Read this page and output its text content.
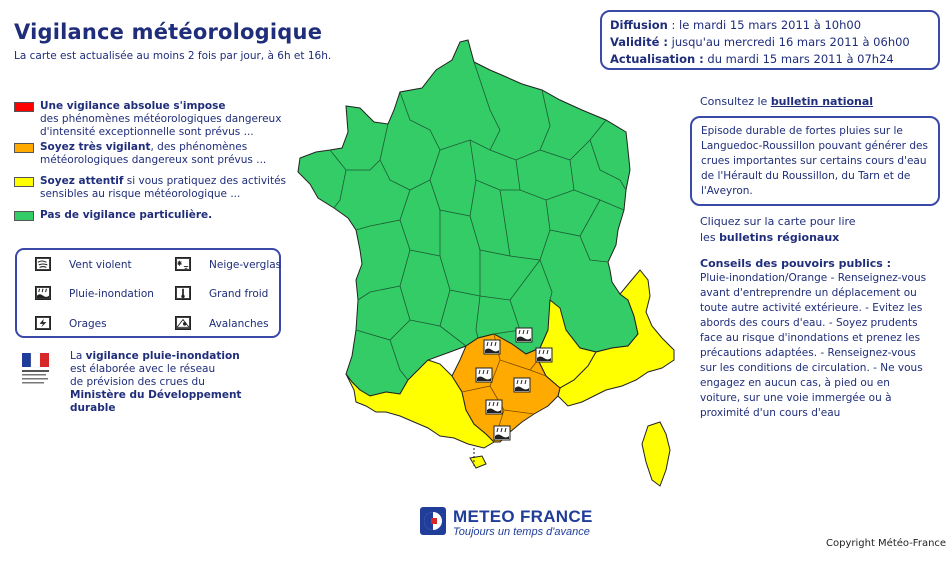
Vigilance météorologique
La carte est actualisée au moins 2 fois par jour, à 6h et 16h.
Diffusion : le mardi 15 mars 2011 à 10h00
Validité : jusqu'au mercredi 16 mars 2011 à 06h00
Actualisation : du mardi 15 mars 2011 à 07h24
Une vigilance absolue s'impose
des phénomènes météorologiques dangereux d'intensité exceptionnelle sont prévus ...
Soyez très vigilant, des phénomènes météorologiques dangereux sont prévus ...
Soyez attentif si vous pratiquez des activités sensibles au risque météorologique ...
Pas de vigilance particulière.
Vent violent	Neige-verglas
Pluie-inondation	Grand froid
Orages	Avalanches
La vigilance pluie-inondation
est élaborée avec le réseau
de prévision des crues du
Ministère du Développement durable
Consultez le bulletin national
Episode durable de fortes pluies sur le Languedoc-Roussillon pouvant générer des crues importantes sur certains cours d'eau de l'Hérault du Roussillon, du Tarn et de l'Aveyron.
Cliquez sur la carte pour lire
les bulletins régionaux
Conseils des pouvoirs publics :
Pluie-inondation/Orange - Renseignez-vous avant d'entreprendre un déplacement ou toute autre activité extérieure. - Evitez les abords des cours d'eau. - Soyez prudents face au risque d'inondations et prenez les précautions adaptées. - Renseignez-vous sur les conditions de circulation. - Ne vous engagez en aucun cas, à pied ou en voiture, sur une voie immergée ou à proximité d'un cours d'eau
METEO FRANCE
Toujours un temps d'avance
Copyright Météo-France
